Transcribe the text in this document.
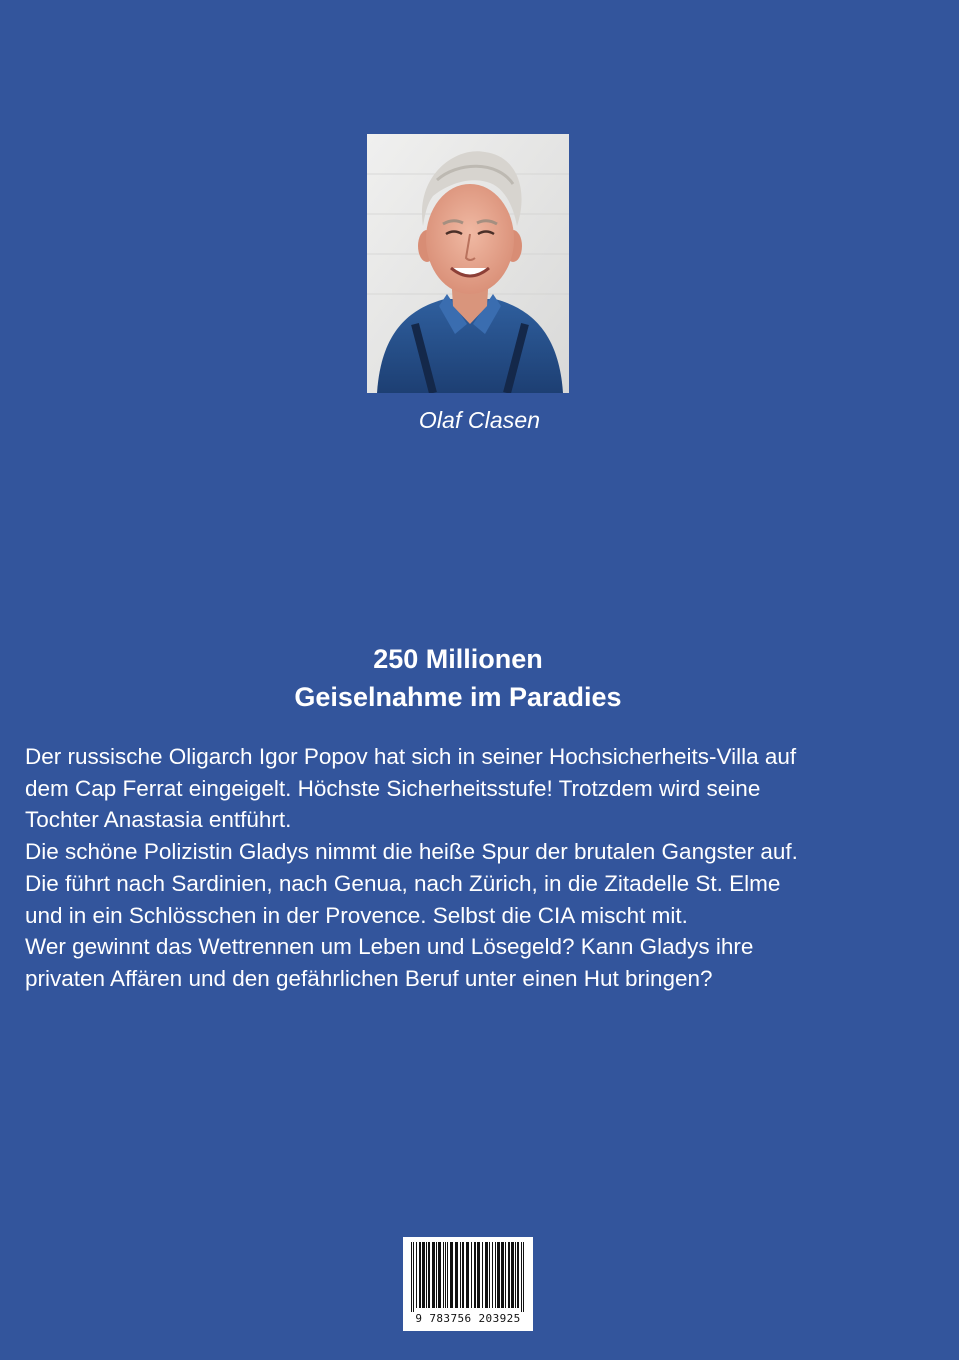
Olaf Clasen
250 Millionen
Geiselnahme im Paradies
Der russische Oligarch Igor Popov hat sich in seiner Hochsicherheits-Villa auf
dem Cap Ferrat eingeigelt. Höchste Sicherheitsstufe! Trotzdem wird seine
Tochter Anastasia entführt.
Die schöne Polizistin Gladys nimmt die heiße Spur der brutalen Gangster auf.
Die führt nach Sardinien, nach Genua, nach Zürich, in die Zitadelle St. Elme
und in ein Schlösschen in der Provence. Selbst die CIA mischt mit.
Wer gewinnt das Wettrennen um Leben und Lösegeld? Kann Gladys ihre
privaten Affären und den gefährlichen Beruf unter einen Hut bringen?
9 783756 203925
